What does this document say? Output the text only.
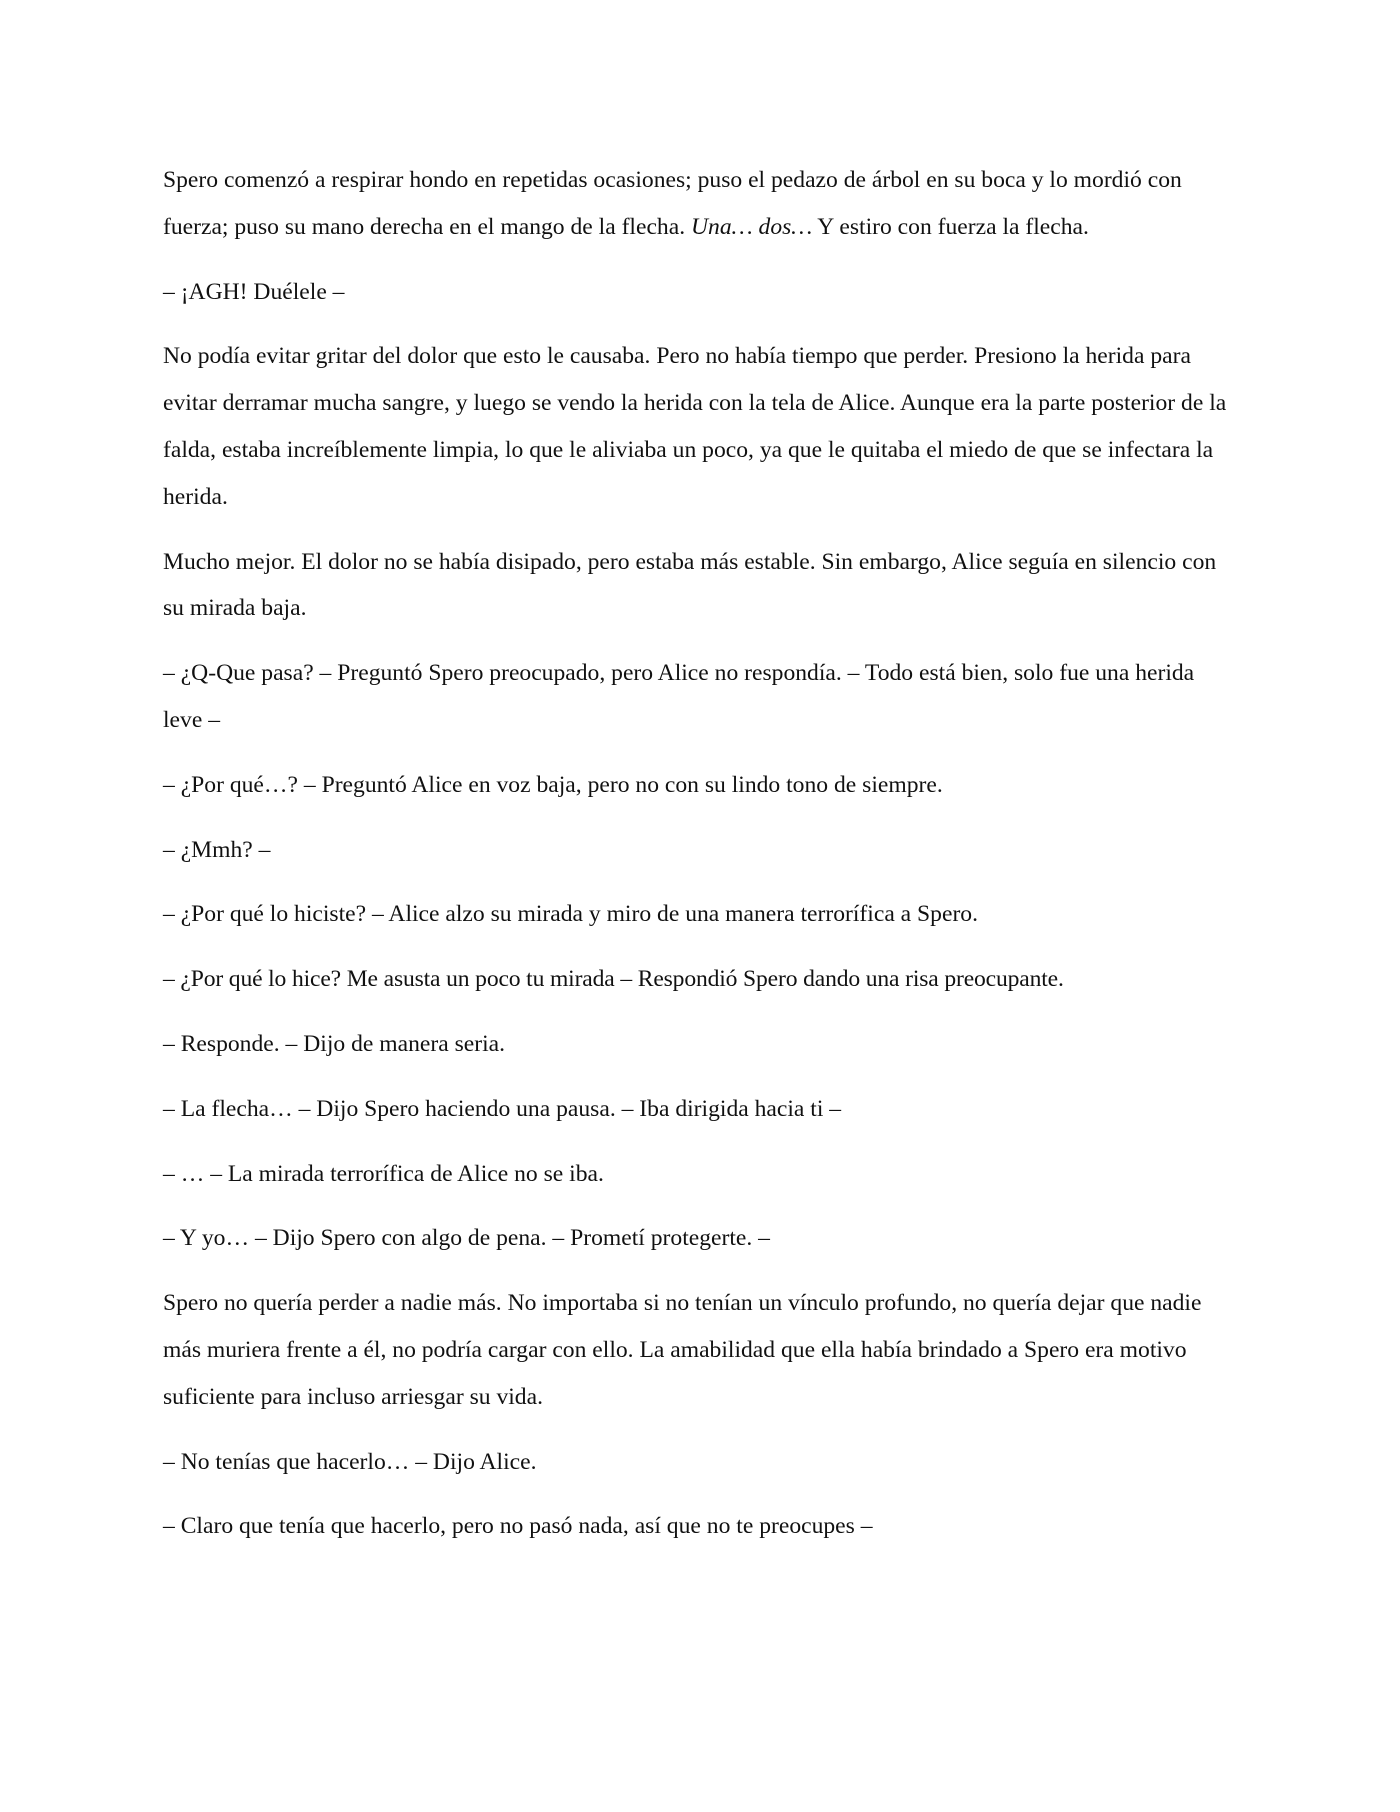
Spero comenzó a respirar hondo en repetidas ocasiones; puso el pedazo de árbol en su boca y lo mordió con fuerza; puso su mano derecha en el mango de la flecha. Una… dos… Y estiro con fuerza la flecha.

– ¡AGH! Duélele –

No podía evitar gritar del dolor que esto le causaba. Pero no había tiempo que perder. Presiono la herida para evitar derramar mucha sangre, y luego se vendo la herida con la tela de Alice. Aunque era la parte posterior de la falda, estaba increíblemente limpia, lo que le aliviaba un poco, ya que le quitaba el miedo de que se infectara la herida.

Mucho mejor. El dolor no se había disipado, pero estaba más estable. Sin embargo, Alice seguía en silencio con su mirada baja.

– ¿Q-Que pasa? – Preguntó Spero preocupado, pero Alice no respondía. – Todo está bien, solo fue una herida leve –

– ¿Por qué…? – Preguntó Alice en voz baja, pero no con su lindo tono de siempre.

– ¿Mmh? –

– ¿Por qué lo hiciste? – Alice alzo su mirada y miro de una manera terrorífica a Spero.

– ¿Por qué lo hice? Me asusta un poco tu mirada – Respondió Spero dando una risa preocupante.

– Responde. – Dijo de manera seria.

– La flecha… – Dijo Spero haciendo una pausa. – Iba dirigida hacia ti –

– … – La mirada terrorífica de Alice no se iba.

– Y yo… – Dijo Spero con algo de pena. – Prometí protegerte. –

Spero no quería perder a nadie más. No importaba si no tenían un vínculo profundo, no quería dejar que nadie más muriera frente a él, no podría cargar con ello. La amabilidad que ella había brindado a Spero era motivo suficiente para incluso arriesgar su vida.

– No tenías que hacerlo… – Dijo Alice.

– Claro que tenía que hacerlo, pero no pasó nada, así que no te preocupes –
